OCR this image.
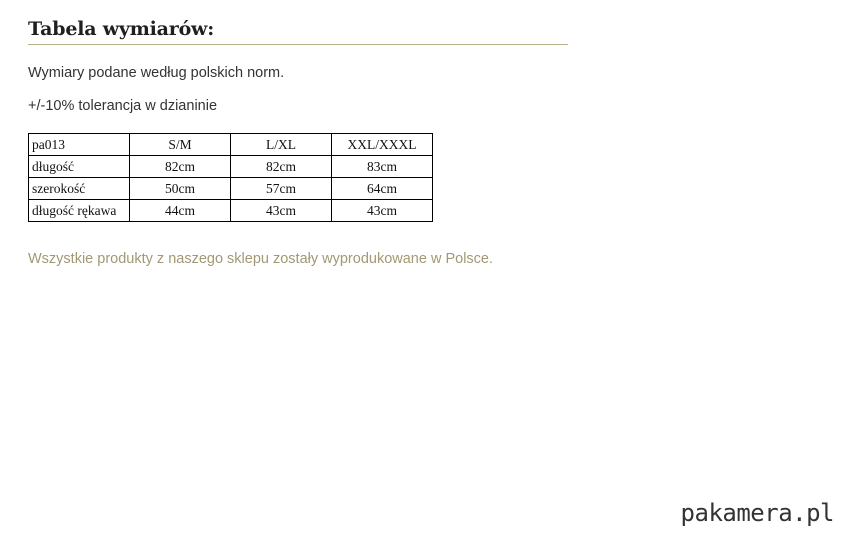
Tabela wymiarów:

Wymiary podane według polskich norm.

+/-10% tolerancja w dzianinie

pa013	S/M	L/XL	XXL/XXXL
długość	82cm	82cm	83cm
szerokość	50cm	57cm	64cm
długość rękawa	44cm	43cm	43cm

Wszystkie produkty z naszego sklepu zostały wyprodukowane w Polsce.

pakamera.pl
